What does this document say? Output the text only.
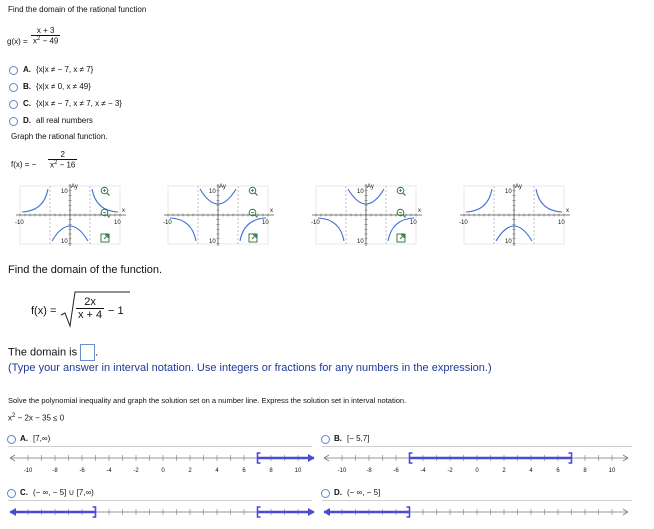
Find the domain of the rational function
g(x) =
x + 3
$x^2 - 49$
A. {x|x ≠ − 7, x ≠ 7}
B. {x|x ≠ 0, x ≠ 49}
C. {x|x ≠ − 7, x ≠ 7, x ≠ − 3}
D. all real numbers
Graph the rational function.
f(x) = −
2
$x^2 - 16$
Ay
x
10
10
-10	10
Ay
x
10
10
-10	10
Ay
x
10
10
-10	10
Ay
x
10
10
-10	10
Find the domain of the function.
f(x) =
2x
x + 4 − 1
The domain is .
(Type your answer in interval notation. Use integers or fractions for any numbers in the expression.)
Solve the polynomial inequality and graph the solution set on a number line. Express the solution set in interval notation.
$x^2 - 2x - 35 \le 0$
A. [7,∞)	B. [− 5,7]
C. (− ∞, − 5] ∪ [7,∞)	D. (− ∞, − 5]
-10	-8	-6	-4	-2	0	2	4	6	8	10	-10	-8	-6	-4	-2	0	2	4	6	8	10
